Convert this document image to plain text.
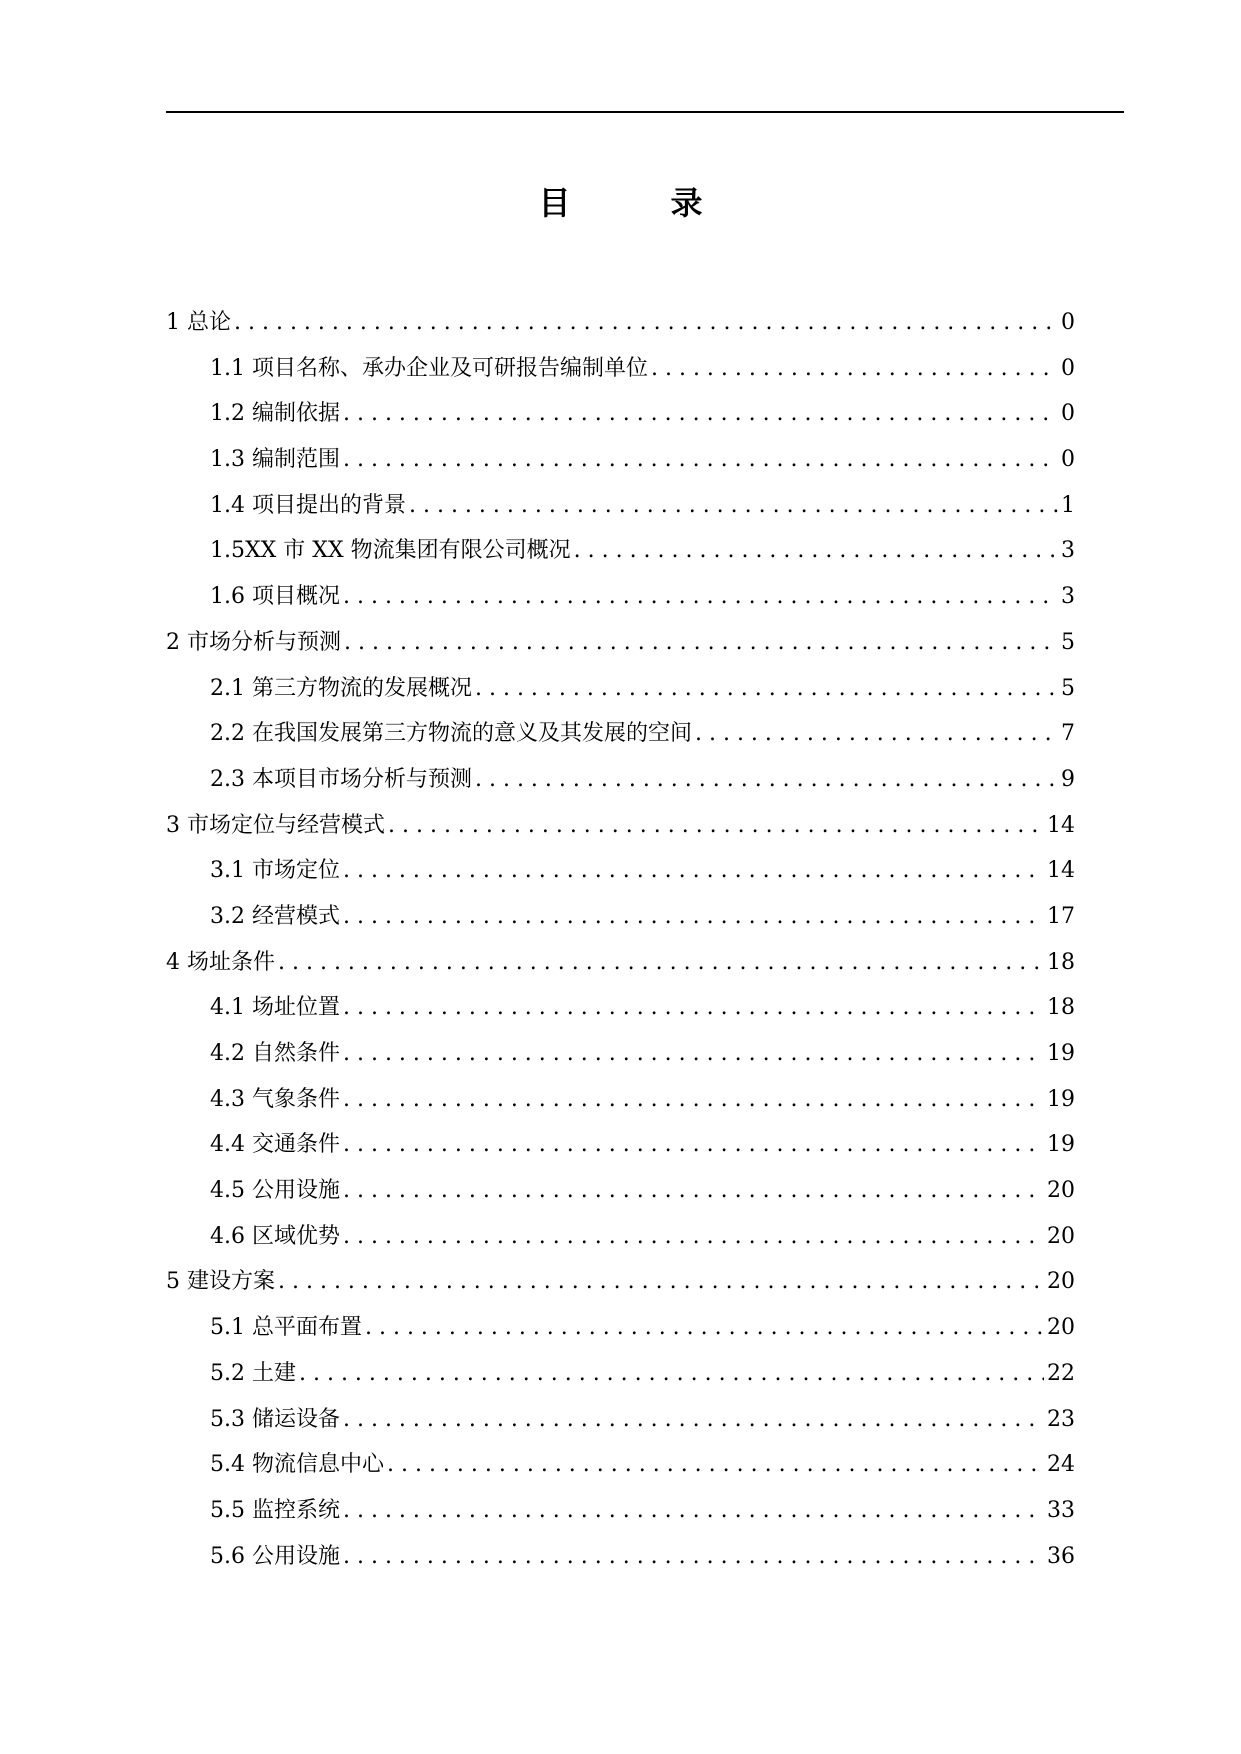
目　录
1 总论 . . .	0
1.1 项目名称、承办企业及可研报告编制单位 . . .	0
1.2 编制依据 . . .	0
1.3 编制范围 . . .	0
1.4 项目提出的背景 . . .	1
1.5XX 市 XX 物流集团有限公司概况 . . .	3
1.6 项目概况 . . .	3
2 市场分析与预测 . . .	5
2.1 第三方物流的发展概况 . . .	5
2.2 在我国发展第三方物流的意义及其发展的空间 . . .	7
2.3 本项目市场分析与预测 . . .	9
3 市场定位与经营模式 . . .	14
3.1 市场定位 . . .	14
3.2 经营模式 . . .	17
4 场址条件 . . .	18
4.1 场址位置 . . .	18
4.2 自然条件 . . .	19
4.3 气象条件 . . .	19
4.4 交通条件 . . .	19
4.5 公用设施 . . .	20
4.6 区域优势 . . .	20
5 建设方案 . . .	20
5.1 总平面布置 . . .	20
5.2 土建 . . .	22
5.3 储运设备 . . .	23
5.4 物流信息中心 . . .	24
5.5 监控系统 . . .	33
5.6 公用设施 . . .	36
